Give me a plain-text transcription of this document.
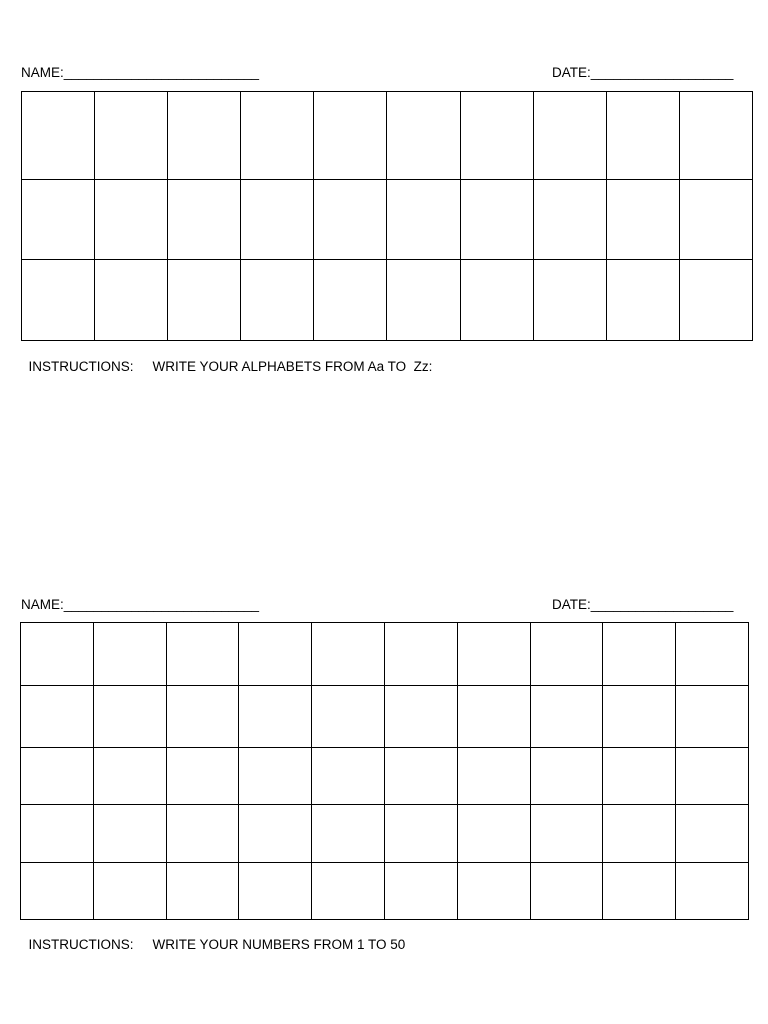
NAME:__________________________	DATE:___________________

INSTRUCTIONS: WRITE YOUR ALPHABETS FROM Aa TO  Zz:

NAME:__________________________	DATE:___________________

INSTRUCTIONS: WRITE YOUR NUMBERS FROM 1 TO 50
